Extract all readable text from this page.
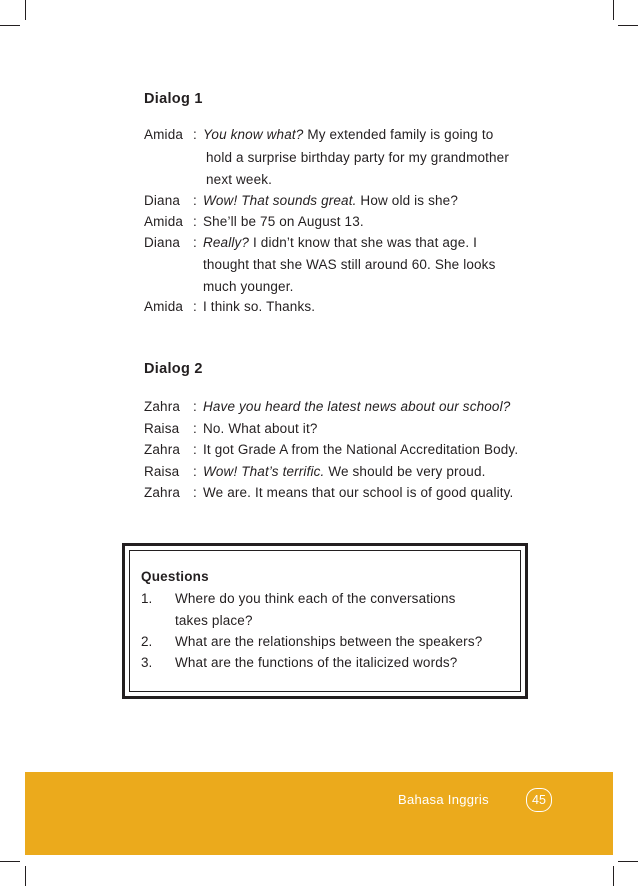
Dialog 1
Amida : You know what? My extended family is going to
hold a surprise birthday party for my grandmother
next week.
Diana : Wow! That sounds great. How old is she?
Amida : She’ll be 75 on August 13.
Diana : Really? I didn’t know that she was that age. I
thought that she WAS still around 60. She looks
much younger.
Amida : I think so. Thanks.
Dialog 2
Zahra : Have you heard the latest news about our school?
Raisa : No. What about it?
Zahra : It got Grade A from the National Accreditation Body.
Raisa : Wow! That’s terrific. We should be very proud.
Zahra : We are. It means that our school is of good quality.
Questions
1. Where do you think each of the conversations
takes place?
2. What are the relationships between the speakers?
3. What are the functions of the italicized words?
Bahasa Inggris	45
